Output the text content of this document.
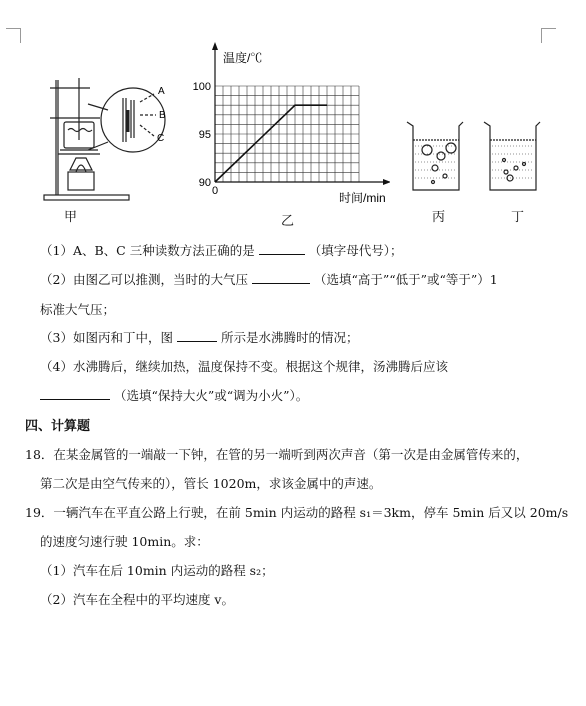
A
B
C
90
95
100
0
温度/℃
时间/min
甲	乙	丙	丁
（1）A、B、C 三种读数方法正确的是	（填字母代号）；
（2）由图乙可以推测，当时的大气压	（选填“高于”“低于”或“等于”）1
标准大气压；
（3）如图丙和丁中，图	所示是水沸腾时的情况；
（4）水沸腾后，继续加热，温度保持不变。根据这个规律，汤沸腾后应该
（选填“保持大火”或“调为小火”）。
四、计算题
18．在某金属管的一端敲一下钟，在管的另一端听到两次声音（第一次是由金属管传来的，
第二次是由空气传来的），管长 1020m，求该金属中的声速。
19．一辆汽车在平直公路上行驶，在前 5min 内运动的路程 s₁＝3km，停车 5min 后又以 20m/s
的速度匀速行驶 10min。求：
（1）汽车在后 10min 内运动的路程 s₂；
（2）汽车在全程中的平均速度 v。
